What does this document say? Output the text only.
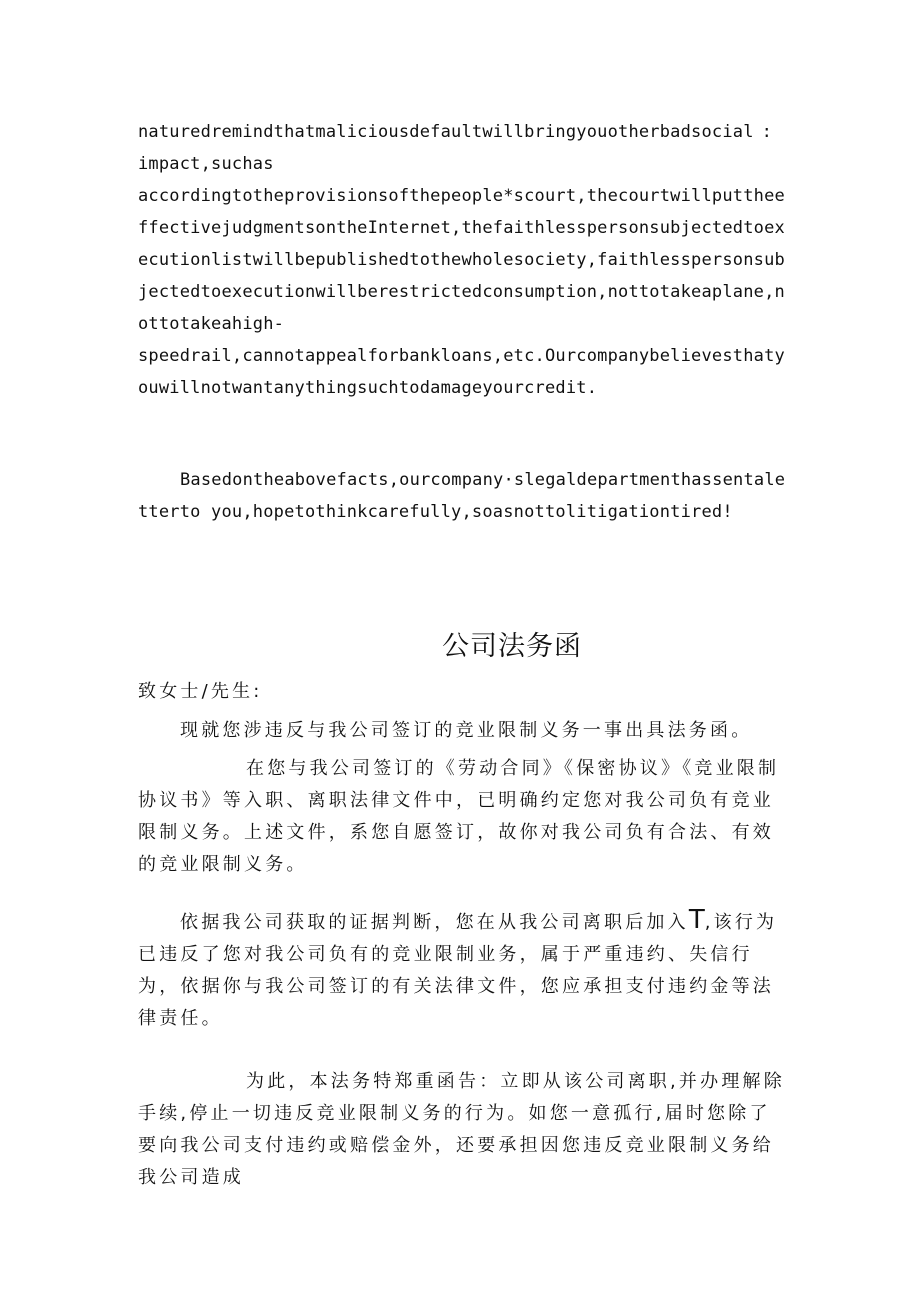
naturedremindthatmaliciousdefaultwillbringyouotherbadsocialimpact,suchas
:

accordingtotheprovisionsofthepeople*scourt,thecourtwillputtheeffectivejudgmentsontheInternet,thefaithlesspersonsubjectedtoexecutionlistwillbepublishedtothewholesociety,faithlesspersonsubjectedtoexecutionwillberestrictedconsumption,nottotakeaplane,nottotakeahigh-

speedrail,cannotappealforbankloans,etc.Ourcompanybelievesthatyouwillnotwantanythingsuchtodamageyourcredit.

Basedontheabovefacts,ourcompany·slegaldepartmenthassentaletterto you,hopetothinkcarefully,soasnottolitigationtired!

公司法务函

致女士/先生:

现就您涉违反与我公司签订的竞业限制义务一事出具法务函。

在您与我公司签订的《劳动合同》《保密协议》《竞业限制协议书》等入职、离职法律文件中，已明确约定您对我公司负有竞业限制义务。上述文件，系您自愿签订，故你对我公司负有合法、有效的竞业限制义务。

依据我公司获取的证据判断，您在从我公司离职后加入T,该行为已违反了您对我公司负有的竞业限制业务，属于严重违约、失信行为，依据你与我公司签订的有关法律文件，您应承担支付违约金等法律责任。

为此，本法务特郑重函告：立即从该公司离职,并办理解除手续,停止一切违反竞业限制义务的行为。如您一意孤行,届时您除了要向我公司支付违约或赔偿金外，还要承担因您违反竞业限制义务给我公司造成
